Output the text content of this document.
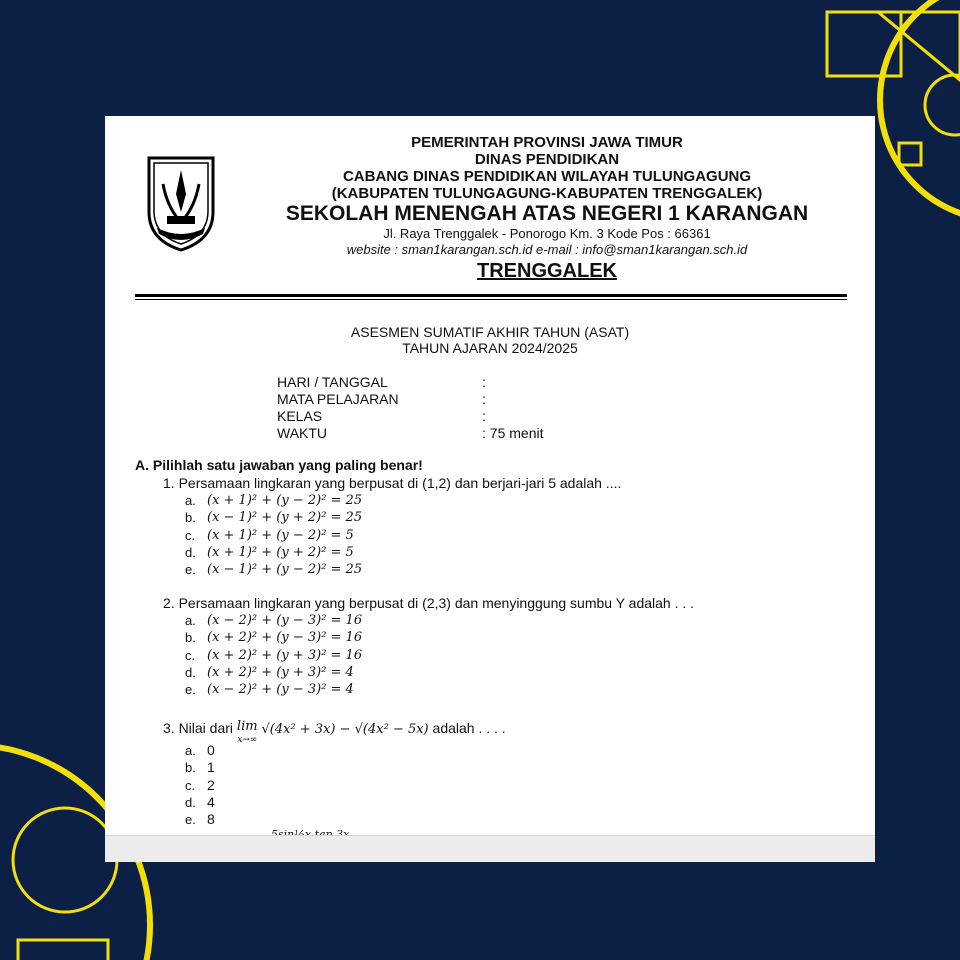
PEMERINTAH PROVINSI JAWA TIMUR
DINAS PENDIDIKAN
CABANG DINAS PENDIDIKAN WILAYAH TULUNGAGUNG
(KABUPATEN TULUNGAGUNG-KABUPATEN TRENGGALEK)
SEKOLAH MENENGAH ATAS NEGERI 1 KARANGAN
Jl. Raya Trenggalek - Ponorogo Km. 3 Kode Pos : 66361
website : sman1karangan.sch.id e-mail : info@sman1karangan.sch.id
TRENGGALEK
ASESMEN SUMATIF AKHIR TAHUN (ASAT)
TAHUN AJARAN 2024/2025
HARI / TANGGAL	:
MATA PELAJARAN	:
KELAS	:
WAKTU	: 75 menit
A. Pilihlah satu jawaban yang paling benar!
1. Persamaan lingkaran yang berpusat di (1,2) dan berjari-jari 5 adalah ....
a. (x + 1)² + (y − 2)² = 25
b. (x − 1)² + (y + 2)² = 25
c. (x + 1)² + (y − 2)² = 5
d. (x + 1)² + (y + 2)² = 5
e. (x − 1)² + (y − 2)² = 25
2. Persamaan lingkaran yang berpusat di (2,3) dan menyinggung sumbu Y adalah . . .
a. (x − 2)² + (y − 3)² = 16
b. (x + 2)² + (y − 3)² = 16
c. (x + 2)² + (y + 3)² = 16
d. (x + 2)² + (y + 3)² = 4
e. (x − 2)² + (y − 3)² = 4
3. Nilai dari lim
x→∞ √(4x² + 3x) − √(4x² − 5x) adalah . . . .
a. 0
b. 1
c. 2
d. 4
e. 8
